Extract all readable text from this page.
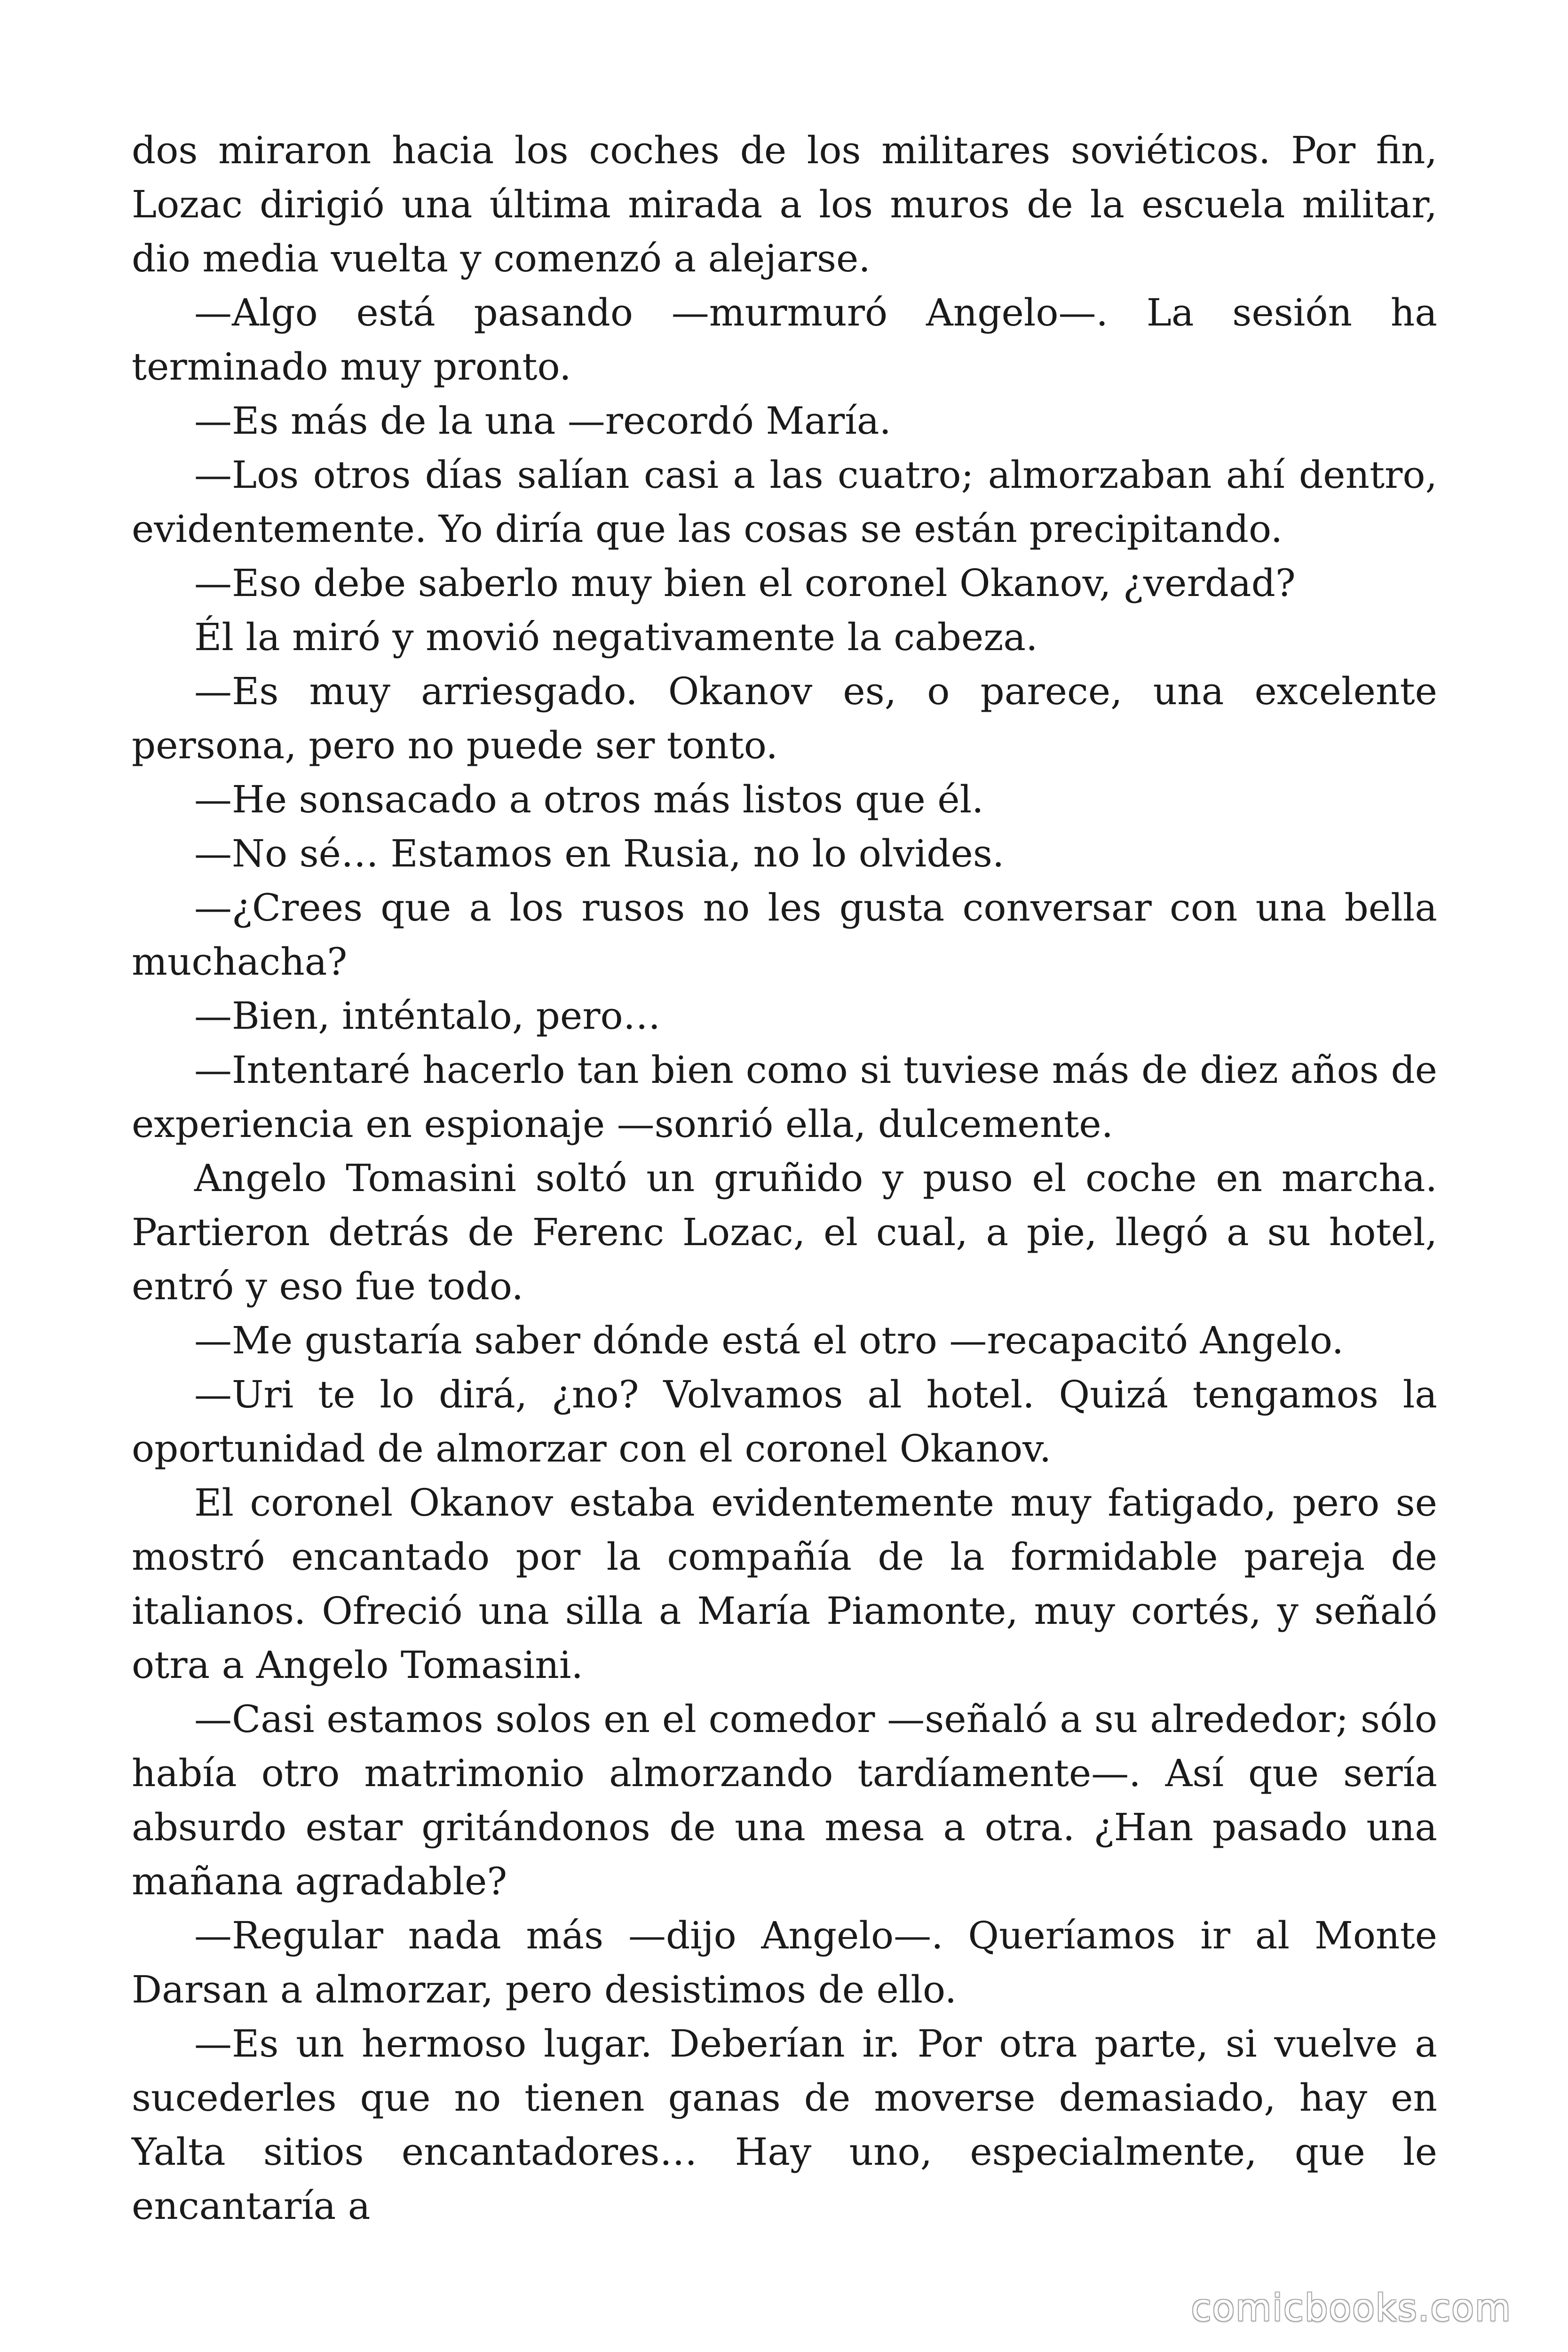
dos miraron hacia los coches de los militares soviéticos. Por fin, Lozac dirigió una última mirada a los muros de la escuela militar, dio media vuelta y comenzó a alejarse.

—Algo está pasando —murmuró Angelo—. La sesión ha terminado muy pronto.

—Es más de la una —recordó María.

—Los otros días salían casi a las cuatro; almorzaban ahí dentro, evidentemente. Yo diría que las cosas se están precipitando.

—Eso debe saberlo muy bien el coronel Okanov, ¿verdad?

Él la miró y movió negativamente la cabeza.

—Es muy arriesgado. Okanov es, o parece, una excelente persona, pero no puede ser tonto.

—He sonsacado a otros más listos que él.

—No sé… Estamos en Rusia, no lo olvides.

—¿Crees que a los rusos no les gusta conversar con una bella muchacha?

—Bien, inténtalo, pero…

—Intentaré hacerlo tan bien como si tuviese más de diez años de experiencia en espionaje —sonrió ella, dulcemente.

Angelo Tomasini soltó un gruñido y puso el coche en marcha. Partieron detrás de Ferenc Lozac, el cual, a pie, llegó a su hotel, entró y eso fue todo.

—Me gustaría saber dónde está el otro —recapacitó Angelo.

—Uri te lo dirá, ¿no? Volvamos al hotel. Quizá tengamos la oportunidad de almorzar con el coronel Okanov.

El coronel Okanov estaba evidentemente muy fatigado, pero se mostró encantado por la compañía de la formidable pareja de italianos. Ofreció una silla a María Piamonte, muy cortés, y señaló otra a Angelo Tomasini.

—Casi estamos solos en el comedor —señaló a su alrededor; sólo había otro matrimonio almorzando tardíamente—. Así que sería absurdo estar gritándonos de una mesa a otra. ¿Han pasado una mañana agradable?

—Regular nada más —dijo Angelo—. Queríamos ir al Monte Darsan a almorzar, pero desistimos de ello.

—Es un hermoso lugar. Deberían ir. Por otra parte, si vuelve a sucederles que no tienen ganas de moverse demasiado, hay en Yalta sitios encantadores… Hay uno, especialmente, que le encantaría a

comicbooks.com
